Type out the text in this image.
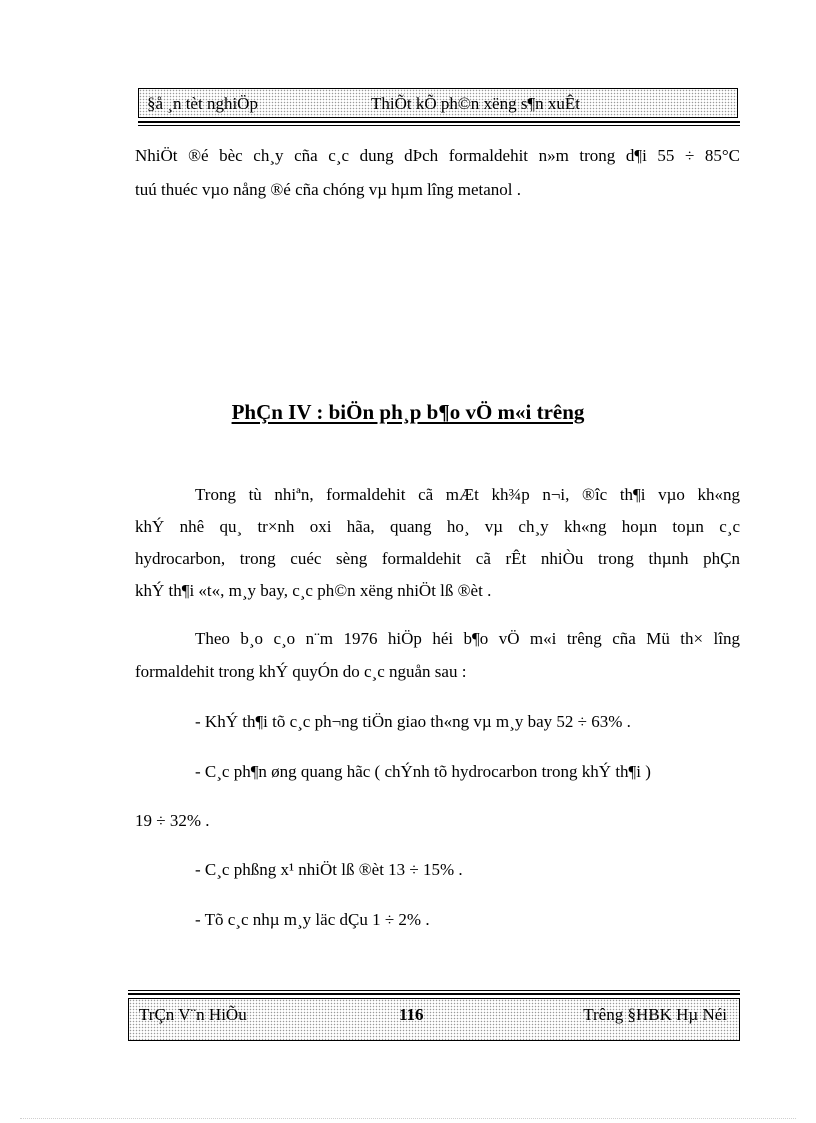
§å ¸n tèt nghiÖp	ThiÕt kÕ ph©n xëng s¶n xuÊt

NhiÖt ®é bèc ch¸y cña c¸c dung dÞch formaldehit n»m trong d¶i 55 ÷ 85°C

tuú thuéc vµo nång ®é cña chóng vµ hµm lîng metanol .

PhÇn IV : biÖn ph¸p b¶o vÖ m«i trêng

Trong tù nhiªn, formaldehit cã mÆt kh¾p n¬i, ®îc th¶i vµo kh«ng

khÝ nhê qu¸ tr×nh oxi hãa, quang ho¸ vµ ch¸y kh«ng hoµn toµn c¸c

hydrocarbon, trong cuéc sèng formaldehit cã rÊt nhiÒu trong thµnh phÇn

khÝ th¶i «t«, m¸y bay, c¸c ph©n xëng nhiÖt lß ®èt .

Theo b¸o c¸o n¨m 1976 hiÖp héi b¶o vÖ m«i trêng cña Mü th× lîng

formaldehit trong khÝ quyÓn do c¸c nguån sau :

- KhÝ th¶i tõ c¸c ph¬ng tiÖn giao th«ng vµ m¸y bay 52 ÷ 63% .

- C¸c ph¶n øng quang hãc ( chÝnh tõ hydrocarbon trong khÝ th¶i )

19 ÷ 32% .

- C¸c phßng x¹ nhiÖt lß ®èt 13 ÷ 15% .

- Tõ c¸c nhµ m¸y läc dÇu 1 ÷ 2% .

TrÇn V¨n HiÕu	116	Trêng §HBK Hµ Néi
